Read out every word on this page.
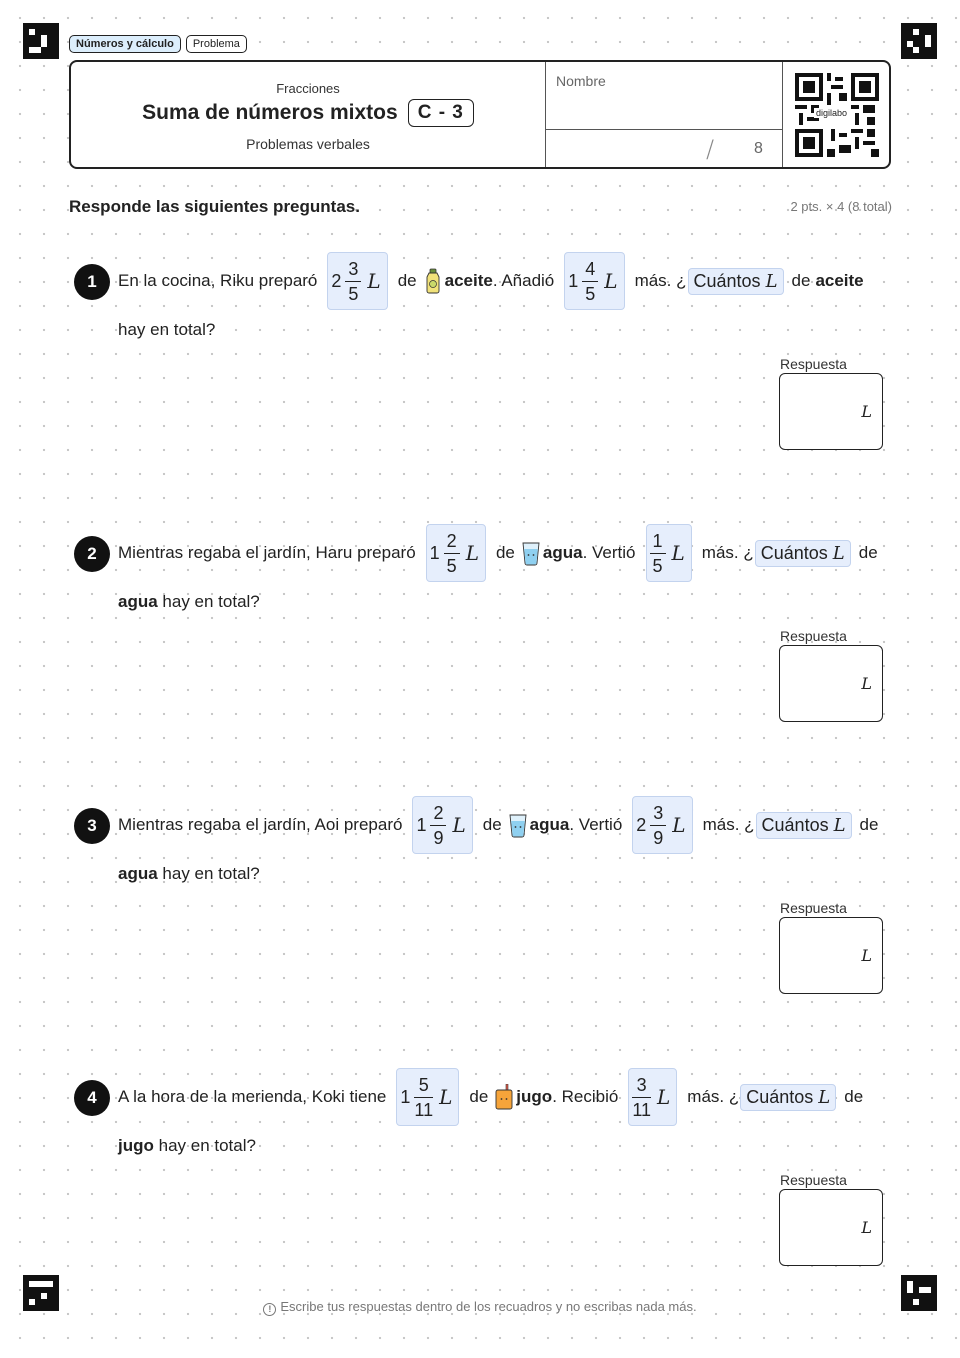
Números y cálculo	Problema
Fracciones
Suma de números mixtos	C - 3
Problemas verbales
Nombre
/ 8
digilabo
Responde las siguientes preguntas.	2 pts. × 4 (8 total)
1	En la cocina, Riku preparó $2 \frac{3}{5}$ L de aceite . Añadió $1 \frac{4}{5}$ L más. ¿ Cuántos L de aceite
hay en total?
Respuesta
L
2	Mientras regaba el jardín, Haru preparó $1 \frac{2}{5}$ L de agua . Vertió $\frac{1}{5}$ L más. ¿ Cuántos L de
agua hay en total?
Respuesta
L
3	Mientras regaba el jardín, Aoi preparó $1 \frac{2}{9}$ L de agua . Vertió $2 \frac{3}{9}$ L más. ¿ Cuántos L de
agua hay en total?
Respuesta
L
4	A la hora de la merienda, Koki tiene $1 \frac{5}{11}$ L de jugo . Recibió $\frac{3}{11}$ L más. ¿ Cuántos L de
jugo hay en total?
Respuesta
L
! Escribe tus respuestas dentro de los recuadros y no escribas nada más.
